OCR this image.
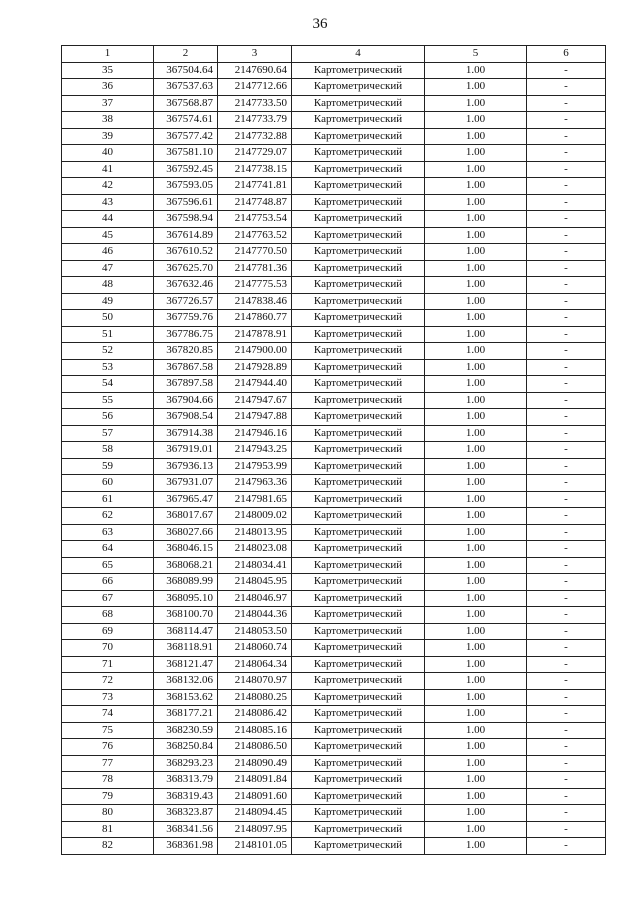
36
1	2	3	4	5	6
35	367504.64	2147690.64	Картометрический	1.00	-
36	367537.63	2147712.66	Картометрический	1.00	-
37	367568.87	2147733.50	Картометрический	1.00	-
38	367574.61	2147733.79	Картометрический	1.00	-
39	367577.42	2147732.88	Картометрический	1.00	-
40	367581.10	2147729.07	Картометрический	1.00	-
41	367592.45	2147738.15	Картометрический	1.00	-
42	367593.05	2147741.81	Картометрический	1.00	-
43	367596.61	2147748.87	Картометрический	1.00	-
44	367598.94	2147753.54	Картометрический	1.00	-
45	367614.89	2147763.52	Картометрический	1.00	-
46	367610.52	2147770.50	Картометрический	1.00	-
47	367625.70	2147781.36	Картометрический	1.00	-
48	367632.46	2147775.53	Картометрический	1.00	-
49	367726.57	2147838.46	Картометрический	1.00	-
50	367759.76	2147860.77	Картометрический	1.00	-
51	367786.75	2147878.91	Картометрический	1.00	-
52	367820.85	2147900.00	Картометрический	1.00	-
53	367867.58	2147928.89	Картометрический	1.00	-
54	367897.58	2147944.40	Картометрический	1.00	-
55	367904.66	2147947.67	Картометрический	1.00	-
56	367908.54	2147947.88	Картометрический	1.00	-
57	367914.38	2147946.16	Картометрический	1.00	-
58	367919.01	2147943.25	Картометрический	1.00	-
59	367936.13	2147953.99	Картометрический	1.00	-
60	367931.07	2147963.36	Картометрический	1.00	-
61	367965.47	2147981.65	Картометрический	1.00	-
62	368017.67	2148009.02	Картометрический	1.00	-
63	368027.66	2148013.95	Картометрический	1.00	-
64	368046.15	2148023.08	Картометрический	1.00	-
65	368068.21	2148034.41	Картометрический	1.00	-
66	368089.99	2148045.95	Картометрический	1.00	-
67	368095.10	2148046.97	Картометрический	1.00	-
68	368100.70	2148044.36	Картометрический	1.00	-
69	368114.47	2148053.50	Картометрический	1.00	-
70	368118.91	2148060.74	Картометрический	1.00	-
71	368121.47	2148064.34	Картометрический	1.00	-
72	368132.06	2148070.97	Картометрический	1.00	-
73	368153.62	2148080.25	Картометрический	1.00	-
74	368177.21	2148086.42	Картометрический	1.00	-
75	368230.59	2148085.16	Картометрический	1.00	-
76	368250.84	2148086.50	Картометрический	1.00	-
77	368293.23	2148090.49	Картометрический	1.00	-
78	368313.79	2148091.84	Картометрический	1.00	-
79	368319.43	2148091.60	Картометрический	1.00	-
80	368323.87	2148094.45	Картометрический	1.00	-
81	368341.56	2148097.95	Картометрический	1.00	-
82	368361.98	2148101.05	Картометрический	1.00	-
